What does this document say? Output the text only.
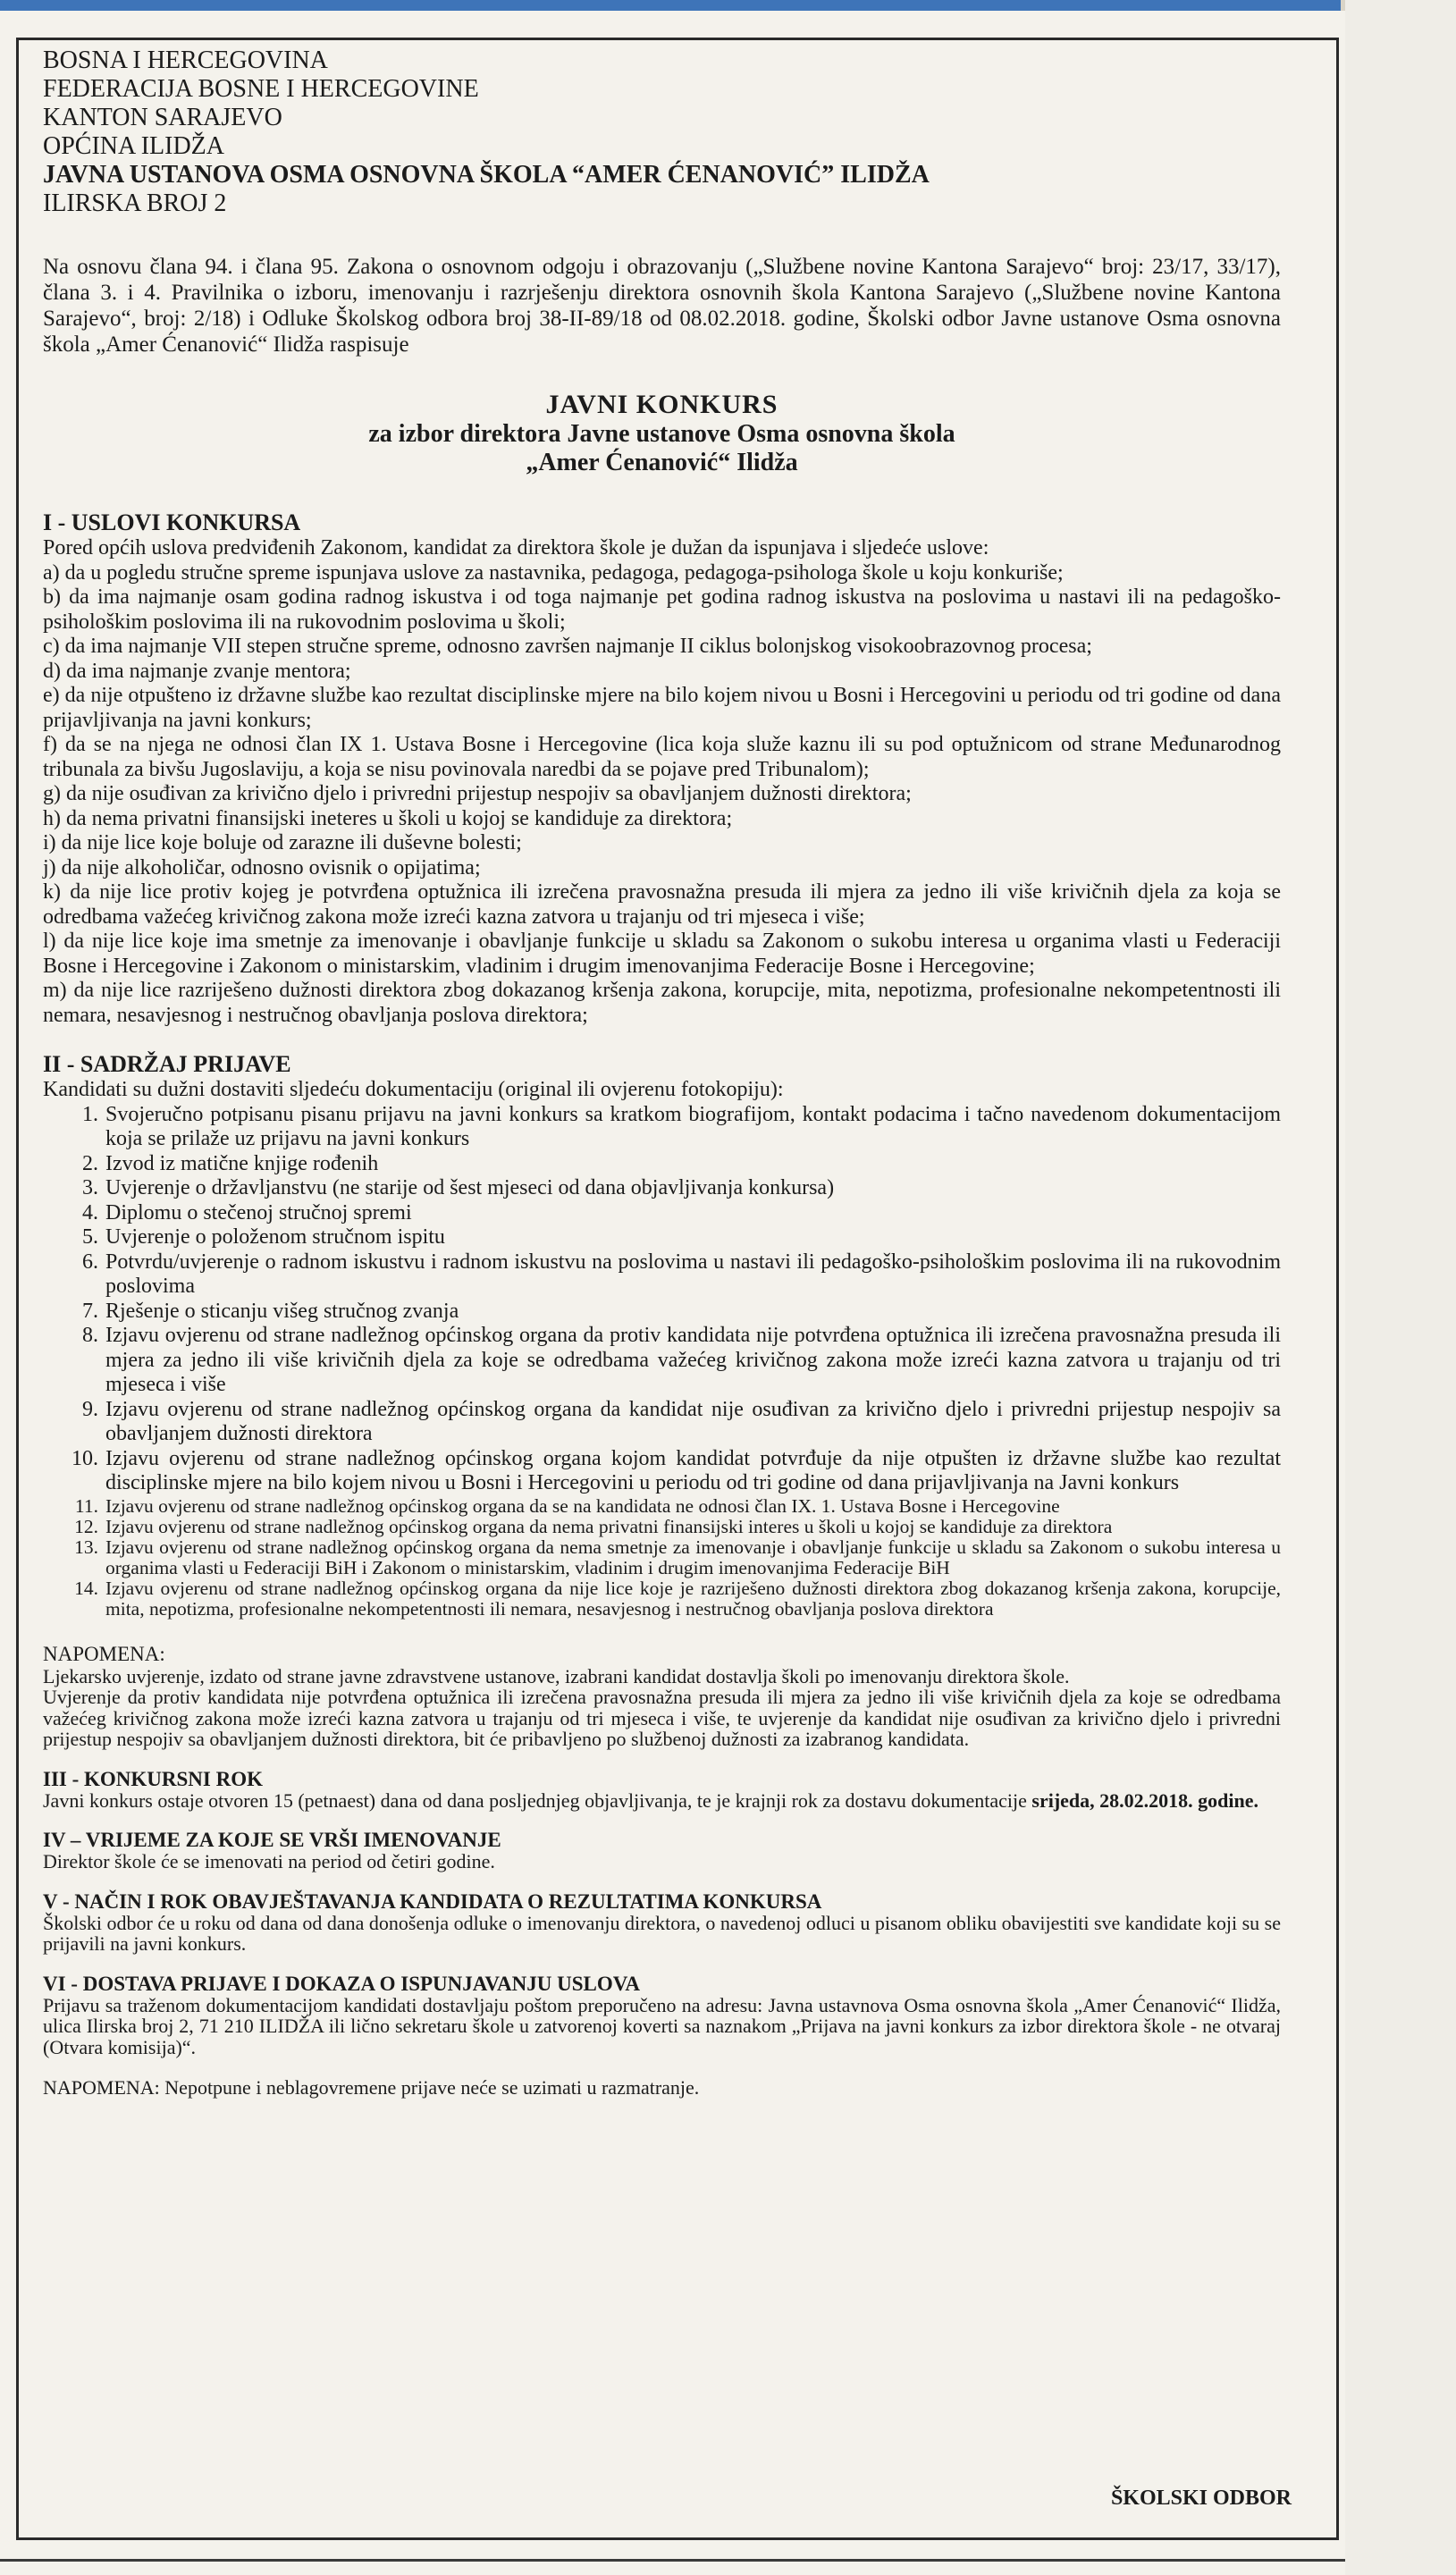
BOSNA I HERCEGOVINA
FEDERACIJA BOSNE I HERCEGOVINE
KANTON SARAJEVO
OPĆINA ILIDŽA
JAVNA USTANOVA OSMA OSNOVNA ŠKOLA “AMER ĆENANOVIĆ” ILIDŽA
ILIRSKA BROJ 2

Na osnovu člana 94. i člana 95. Zakona o osnovnom odgoju i obrazovanju („Službene novine Kantona Sarajevo“ broj: 23/17, 33/17), člana 3. i 4. Pravilnika o izboru, imenovanju i razrješenju direktora osnovnih škola Kantona Sarajevo („Službene novine Kantona Sarajevo“, broj: 2/18) i Odluke Školskog odbora broj 38-II-89/18 od 08.02.2018. godine, Školski odbor Javne ustanove Osma osnovna škola „Amer Ćenanović“ Ilidža raspisuje

JAVNI KONKURS
za izbor direktora Javne ustanove Osma osnovna škola
„Amer Ćenanović“ Ilidža
I - USLOVI KONKURSA

Pored općih uslova predviđenih Zakonom, kandidat za direktora škole je dužan da ispunjava i sljedeće uslove:

a) da u pogledu stručne spreme ispunjava uslove za nastavnika, pedagoga, pedagoga-psihologa škole u koju konkuriše;

b) da ima najmanje osam godina radnog iskustva i od toga najmanje pet godina radnog iskustva na poslovima u nastavi ili na pedagoško-psihološkim poslovima ili na rukovodnim poslovima u školi;

c) da ima najmanje VII stepen stručne spreme, odnosno završen najmanje II ciklus bolonjskog visokoobrazovnog procesa;

d) da ima najmanje zvanje mentora;

e) da nije otpušteno iz državne službe kao rezultat disciplinske mjere na bilo kojem nivou u Bosni i Hercegovini u periodu od tri godine od dana prijavljivanja na javni konkurs;

f) da se na njega ne odnosi član IX 1. Ustava Bosne i Hercegovine (lica koja služe kaznu ili su pod optužnicom od strane Međunarodnog tribunala za bivšu Jugoslaviju, a koja se nisu povinovala naredbi da se pojave pred Tribunalom);

g) da nije osuđivan za krivično djelo i privredni prijestup nespojiv sa obavljanjem dužnosti direktora;

h) da nema privatni finansijski ineteres u školi u kojoj se kandiduje za direktora;

i) da nije lice koje boluje od zarazne ili duševne bolesti;

j) da nije alkoholičar, odnosno ovisnik o opijatima;

k) da nije lice protiv kojeg je potvrđena optužnica ili izrečena pravosnažna presuda ili mjera za jedno ili više krivičnih djela za koja se odredbama važećeg krivičnog zakona može izreći kazna zatvora u trajanju od tri mjeseca i više;

l) da nije lice koje ima smetnje za imenovanje i obavljanje funkcije u skladu sa Zakonom o sukobu interesa u organima vlasti u Federaciji Bosne i Hercegovine i Zakonom o ministarskim, vladinim i drugim imenovanjima Federacije Bosne i Hercegovine;

m) da nije lice razriješeno dužnosti direktora zbog dokazanog kršenja zakona, korupcije, mita, nepotizma, profesionalne nekompetentnosti ili nemara, nesavjesnog i nestručnog obavljanja poslova direktora;

II - SADRŽAJ PRIJAVE

Kandidati su dužni dostaviti sljedeću dokumentaciju (original ili ovjerenu fotokopiju):

1. Svojeručno potpisanu pisanu prijavu na javni konkurs sa kratkom biografijom, kontakt podacima i tačno navedenom dokumentacijom koja se prilaže uz prijavu na javni konkurs
2. Izvod iz matične knjige rođenih
3. Uvjerenje o državljanstvu (ne starije od šest mjeseci od dana objavljivanja konkursa)
4. Diplomu o stečenoj stručnoj spremi
5. Uvjerenje o položenom stručnom ispitu
6. Potvrdu/uvjerenje o radnom iskustvu i radnom iskustvu na poslovima u nastavi ili pedagoško-psihološkim poslovima ili na rukovodnim poslovima
7. Rješenje o sticanju višeg stručnog zvanja
8. Izjavu ovjerenu od strane nadležnog općinskog organa da protiv kandidata nije potvrđena optužnica ili izrečena pravosnažna presuda ili mjera za jedno ili više krivičnih djela za koje se odredbama važećeg krivičnog zakona može izreći kazna zatvora u trajanju od tri mjeseca i više
9. Izjavu ovjerenu od strane nadležnog općinskog organa da kandidat nije osuđivan za krivično djelo i privredni prijestup nespojiv sa obavljanjem dužnosti direktora
10. Izjavu ovjerenu od strane nadležnog općinskog organa kojom kandidat potvrđuje da nije otpušten iz državne službe kao rezultat disciplinske mjere na bilo kojem nivou u Bosni i Hercegovini u periodu od tri godine od dana prijavljivanja na Javni konkurs
11. Izjavu ovjerenu od strane nadležnog općinskog organa da se na kandidata ne odnosi član IX. 1. Ustava Bosne i Hercegovine
12. Izjavu ovjerenu od strane nadležnog općinskog organa da nema privatni finansijski interes u školi u kojoj se kandiduje za direktora
13. Izjavu ovjerenu od strane nadležnog općinskog organa da nema smetnje za imenovanje i obavljanje funkcije u skladu sa Zakonom o sukobu interesa u organima vlasti u Federaciji BiH i Zakonom o ministarskim, vladinim i drugim imenovanjima Federacije BiH
14. Izjavu ovjerenu od strane nadležnog općinskog organa da nije lice koje je razriješeno dužnosti direktora zbog dokazanog kršenja zakona, korupcije, mita, nepotizma, profesionalne nekompetentnosti ili nemara, nesavjesnog i nestručnog obavljanja poslova direktora
NAPOMENA:

Ljekarsko uvjerenje, izdato od strane javne zdravstvene ustanove, izabrani kandidat dostavlja školi po imenovanju direktora škole.

Uvjerenje da protiv kandidata nije potvrđena optužnica ili izrečena pravosnažna presuda ili mjera za jedno ili više krivičnih djela za koje se odredbama važećeg krivičnog zakona može izreći kazna zatvora u trajanju od tri mjeseca i više, te uvjerenje da kandidat nije osuđivan za krivično djelo i privredni prijestup nespojiv sa obavljanjem dužnosti direktora, bit će pribavljeno po službenoj dužnosti za izabranog kandidata.

III - KONKURSNI ROK

Javni konkurs ostaje otvoren 15 (petnaest) dana od dana posljednjeg objavljivanja, te je krajnji rok za dostavu dokumentacije srijeda, 28.02.2018. godine.

IV – VRIJEME ZA KOJE SE VRŠI IMENOVANJE

Direktor škole će se imenovati na period od četiri godine.

V - NAČIN I ROK OBAVJEŠTAVANJA KANDIDATA O REZULTATIMA KONKURSA

Školski odbor će u roku od dana od dana donošenja odluke o imenovanju direktora, o navedenoj odluci u pisanom obliku obavijestiti sve kandidate koji su se prijavili na javni konkurs.

VI - DOSTAVA PRIJAVE I DOKAZA O ISPUNJAVANJU USLOVA

Prijavu sa traženom dokumentacijom kandidati dostavljaju poštom preporučeno na adresu: Javna ustavnova Osma osnovna škola „Amer Ćenanović“ Ilidža, ulica Ilirska broj 2, 71 210 ILIDŽA ili lično sekretaru škole u zatvorenoj koverti sa naznakom „Prijava na javni konkurs za izbor direktora škole - ne otvaraj (Otvara komisija)“.

NAPOMENA: Nepotpune i neblagovremene prijave neće se uzimati u razmatranje.

ŠKOLSKI ODBOR
